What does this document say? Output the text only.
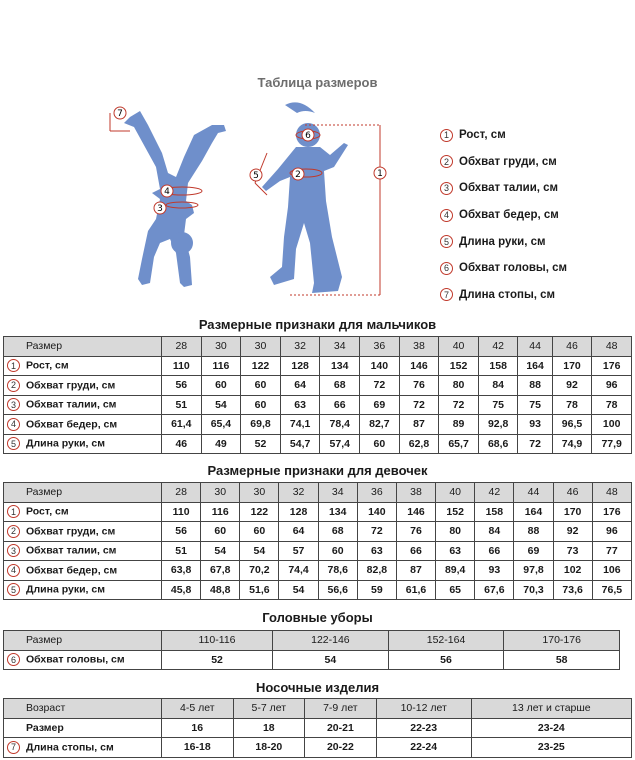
Таблица размеров
7
4
3
6
2
5	1
1 Рост, см
2 Обхват груди, см
3 Обхват талии, см
4 Обхват бедер, см
5 Длина руки, см
6 Обхват головы, см
7 Длина стопы, см
Размерные признаки для мальчиков
Размер	28	30	30	32	34	36	38	40	42	44	46	48
1 Рост, см	110	116	122	128	134	140	146	152	158	164	170	176
2 Обхват груди, см	56	60	60	64	68	72	76	80	84	88	92	96
3 Обхват талии, см	51	54	60	63	66	69	72	72	75	75	78	78
4 Обхват бедер, см	61,4	65,4	69,8	74,1	78,4	82,7	87	89	92,8	93	96,5	100
5 Длина руки, см	46	49	52	54,7	57,4	60	62,8	65,7	68,6	72	74,9	77,9
Размерные признаки для девочек
Размер	28	30	30	32	34	36	38	40	42	44	46	48
1 Рост, см	110	116	122	128	134	140	146	152	158	164	170	176
2 Обхват груди, см	56	60	60	64	68	72	76	80	84	88	92	96
3 Обхват талии, см	51	54	54	57	60	63	66	63	66	69	73	77
4 Обхват бедер, см	63,8	67,8	70,2	74,4	78,6	82,8	87	89,4	93	97,8	102	106
5 Длина руки, см	45,8	48,8	51,6	54	56,6	59	61,6	65	67,6	70,3	73,6	76,5
Головные уборы
Размер	110-116	122-146	152-164	170-176
6 Обхват головы, см	52	54	56	58
Носочные изделия
Возраст	4-5 лет	5-7 лет	7-9 лет	10-12 лет	13 лет и старше
Размер	16	18	20-21	22-23	23-24
7 Длина стопы, см	16-18	18-20	20-22	22-24	23-25
